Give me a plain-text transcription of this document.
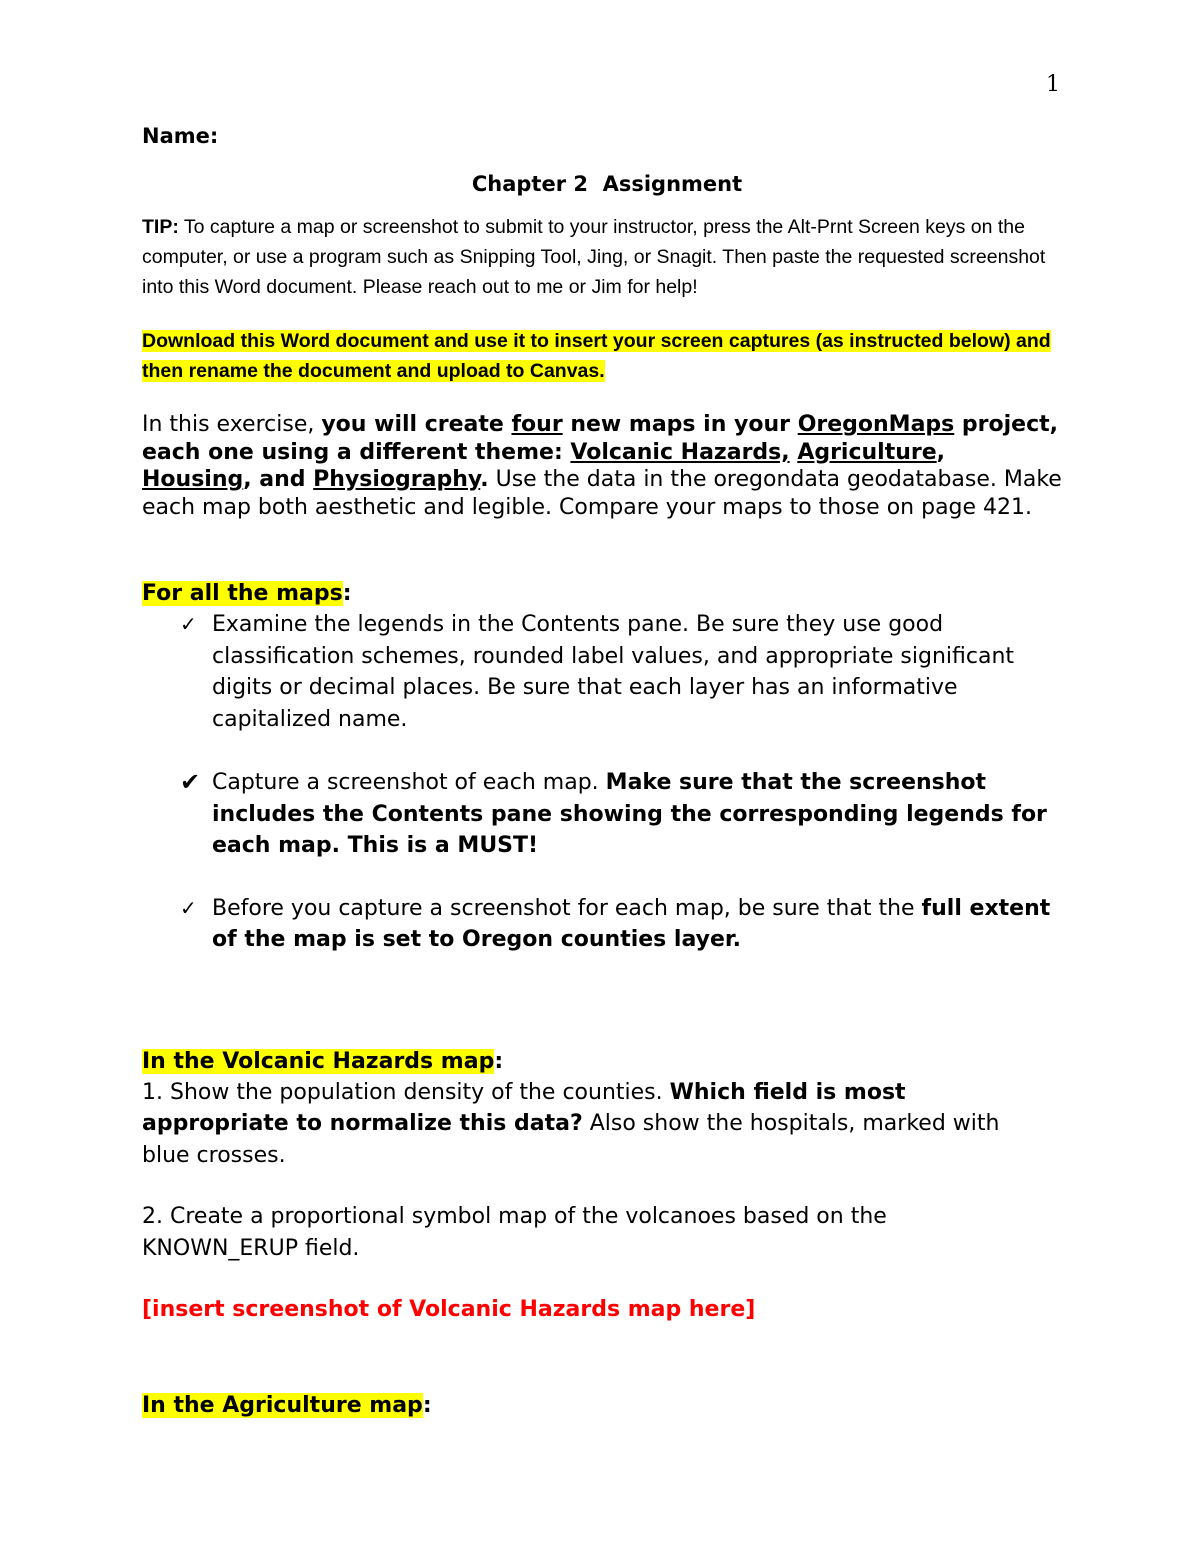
1

Name:

Chapter 2  Assignment

TIP: To capture a map or screenshot to submit to your instructor, press the Alt-Prnt Screen keys on the computer, or use a program such as Snipping Tool, Jing, or Snagit. Then paste the requested screenshot into this Word document. Please reach out to me or Jim for help!

Download this Word document and use it to insert your screen captures (as instructed below) and then rename the document and upload to Canvas.

In this exercise, you will create four new maps in your OregonMaps project, each one using a different theme: Volcanic Hazards, Agriculture, Housing, and Physiography. Use the data in the oregondata geodatabase. Make each map both aesthetic and legible. Compare your maps to those on page 421.

For all the maps:

✓ Examine the legends in the Contents pane. Be sure they use good classification schemes, rounded label values, and appropriate significant digits or decimal places. Be sure that each layer has an informative capitalized name.
✔ Capture a screenshot of each map. Make sure that the screenshot includes the Contents pane showing the corresponding legends for each map. This is a MUST!
✓ Before you capture a screenshot for each map, be sure that the full extent of the map is set to Oregon counties layer.

In the Volcanic Hazards map:

1. Show the population density of the counties. Which field is most appropriate to normalize this data? Also show the hospitals, marked with blue crosses.

2. Create a proportional symbol map of the volcanoes based on the KNOWN_ERUP field.

[insert screenshot of Volcanic Hazards map here]

In the Agriculture map:
